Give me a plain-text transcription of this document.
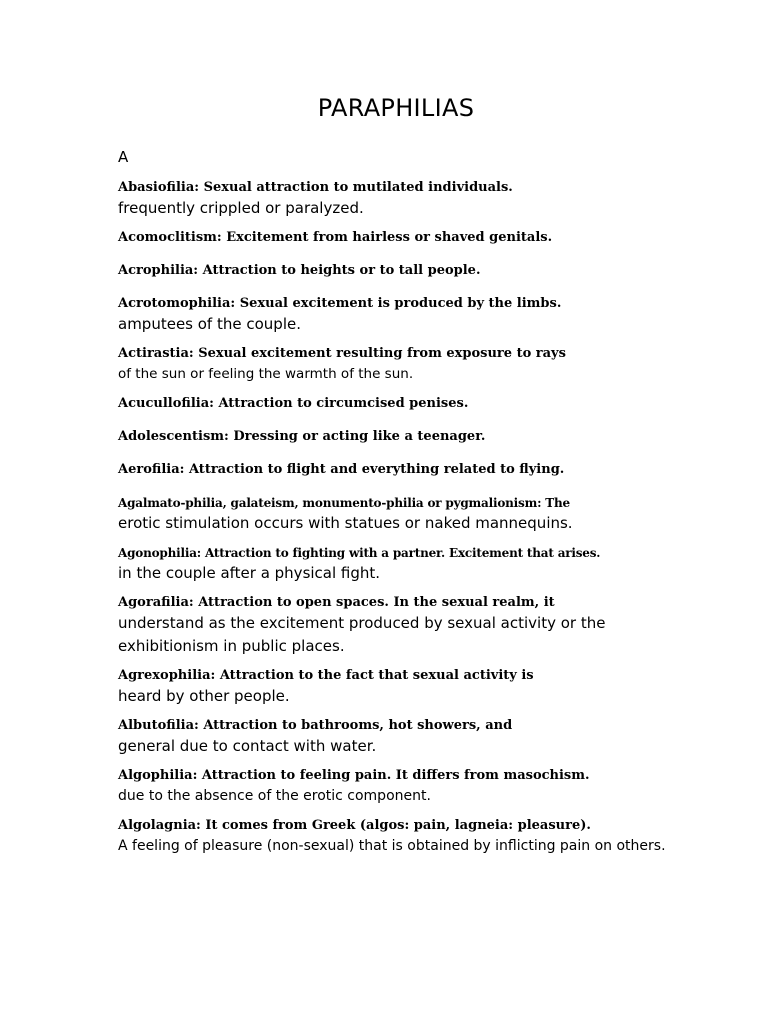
PARAPHILIAS
A
Abasiofilia: Sexual attraction to mutilated individuals.
frequently crippled or paralyzed.
Acomoclitism: Excitement from hairless or shaved genitals.
Acrophilia: Attraction to heights or to tall people.
Acrotomophilia: Sexual excitement is produced by the limbs.
amputees of the couple.
Actirastia: Sexual excitement resulting from exposure to rays
of the sun or feeling the warmth of the sun.
Acucullofilia: Attraction to circumcised penises.
Adolescentism: Dressing or acting like a teenager.
Aerofilia: Attraction to flight and everything related to flying.
Agalmato-philia, galateism, monumento-philia or pygmalionism: The
erotic stimulation occurs with statues or naked mannequins.
Agonophilia: Attraction to fighting with a partner. Excitement that arises.
in the couple after a physical fight.
Agorafilia: Attraction to open spaces. In the sexual realm, it
understand as the excitement produced by sexual activity or the
exhibitionism in public places.
Agrexophilia: Attraction to the fact that sexual activity is
heard by other people.
Albutofilia: Attraction to bathrooms, hot showers, and
general due to contact with water.
Algophilia: Attraction to feeling pain. It differs from masochism.
due to the absence of the erotic component.
Algolagnia: It comes from Greek (algos: pain, lagneia: pleasure).
A feeling of pleasure (non-sexual) that is obtained by inflicting pain on others.
